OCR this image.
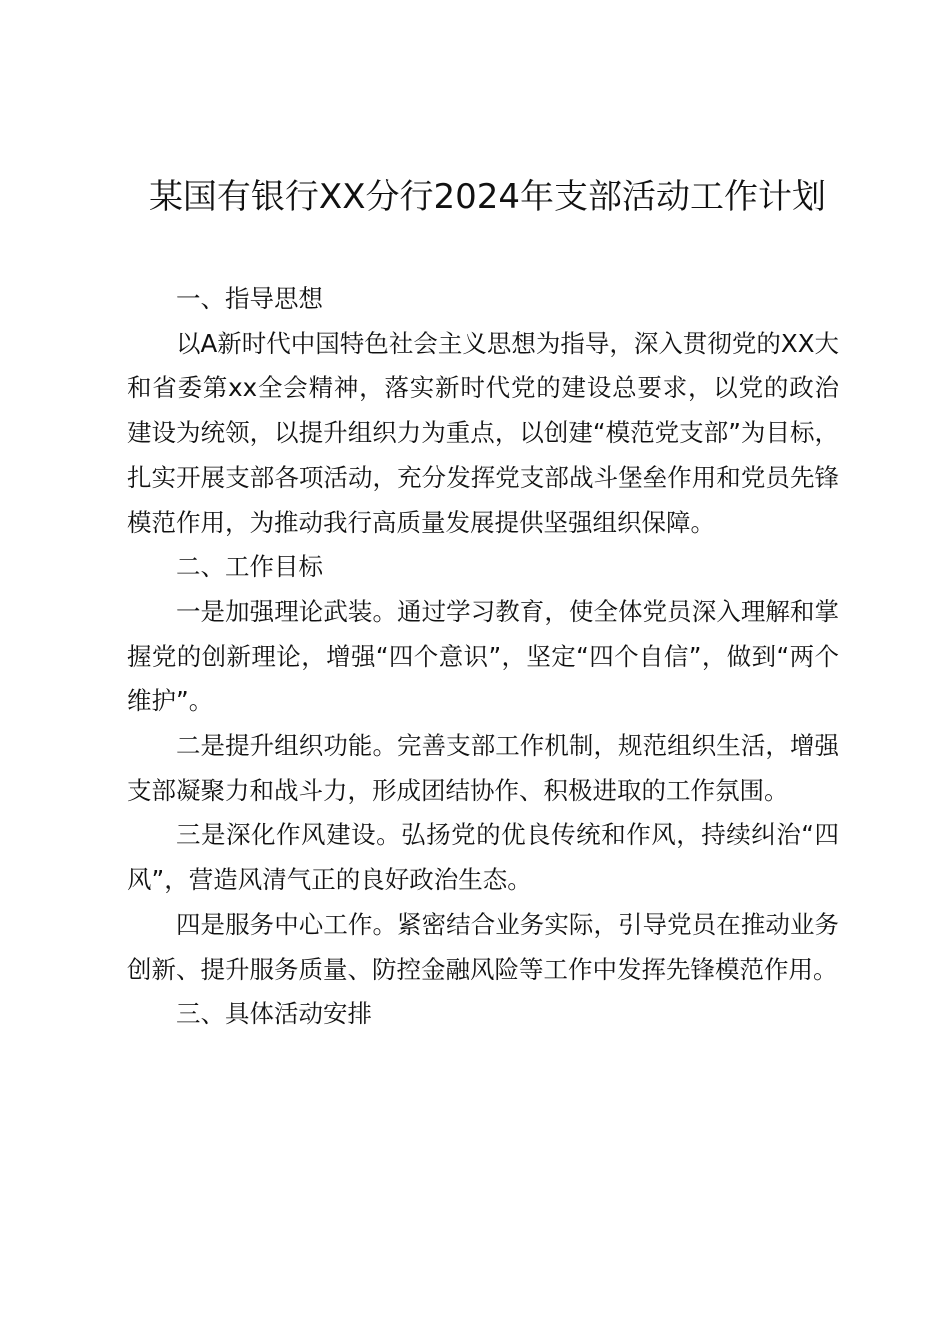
某国有银行XX分行2024年支部活动工作计划

一、指导思想

以A新时代中国特色社会主义思想为指导，深入贯彻党的XX大和省委第xx全会精神，落实新时代党的建设总要求，以党的政治建设为统领，以提升组织力为重点，以创建“模范党支部”为目标，扎实开展支部各项活动，充分发挥党支部战斗堡垒作用和党员先锋模范作用，为推动我行高质量发展提供坚强组织保障。

二、工作目标

一是加强理论武装。通过学习教育，使全体党员深入理解和掌握党的创新理论，增强“四个意识”，坚定“四个自信”，做到“两个维护”。

二是提升组织功能。完善支部工作机制，规范组织生活，增强支部凝聚力和战斗力，形成团结协作、积极进取的工作氛围。

三是深化作风建设。弘扬党的优良传统和作风，持续纠治“四风”，营造风清气正的良好政治生态。

四是服务中心工作。紧密结合业务实际，引导党员在推动业务创新、提升服务质量、防控金融风险等工作中发挥先锋模范作用。

三、具体活动安排
